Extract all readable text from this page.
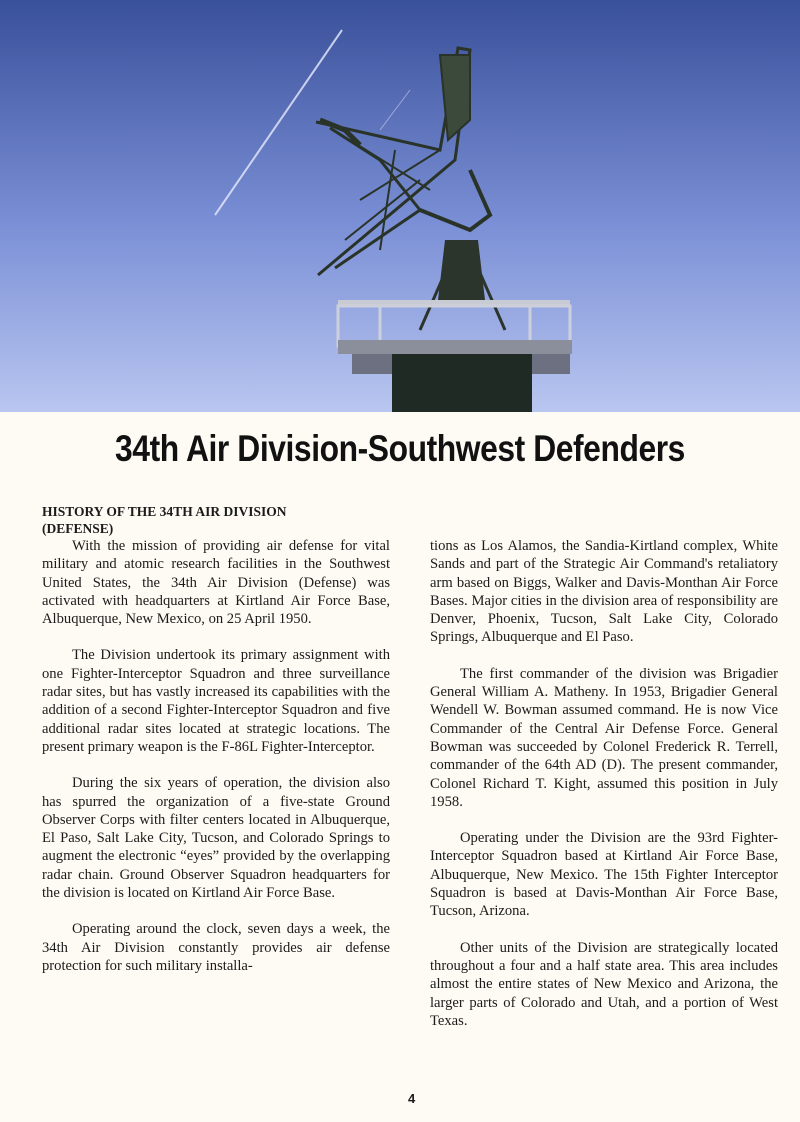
34th Air Division-Southwest Defenders
HISTORY OF THE 34TH AIR DIVISION
(DEFENSE)

With the mission of providing air defense for vital military and atomic research facilities in the Southwest United States, the 34th Air Division (Defense) was activated with headquarters at Kirtland Air Force Base, Albuquerque, New Mexico, on 25 April 1950.

The Division undertook its primary assignment with one Fighter-Interceptor Squadron and three surveillance radar sites, but has vastly increased its capabilities with the addition of a second Fighter-Interceptor Squadron and five additional radar sites located at strategic locations. The present primary weapon is the F-86L Fighter-Interceptor.

During the six years of operation, the division also has spurred the organization of a five-state Ground Observer Corps with filter centers located in Albuquerque, El Paso, Salt Lake City, Tucson, and Colorado Springs to augment the electronic “eyes” provided by the overlapping radar chain. Ground Observer Squadron headquarters for the division is located on Kirtland Air Force Base.

Operating around the clock, seven days a week, the 34th Air Division constantly provides air defense protection for such military installa-

tions as Los Alamos, the Sandia-Kirtland complex, White Sands and part of the Strategic Air Command's retaliatory arm based on Biggs, Walker and Davis-Monthan Air Force Bases. Major cities in the division area of responsibility are Denver, Phoenix, Tucson, Salt Lake City, Colorado Springs, Albuquerque and El Paso.

The first commander of the division was Brigadier General William A. Matheny. In 1953, Brigadier General Wendell W. Bowman assumed command. He is now Vice Commander of the Central Air Defense Force. General Bowman was succeeded by Colonel Frederick R. Terrell, commander of the 64th AD (D). The present commander, Colonel Richard T. Kight, assumed this position in July 1958.

Operating under the Division are the 93rd Fighter-Interceptor Squadron based at Kirtland Air Force Base, Albuquerque, New Mexico. The 15th Fighter Interceptor Squadron is based at Davis-Monthan Air Force Base, Tucson, Arizona.

Other units of the Division are strategically located throughout a four and a half state area. This area includes almost the entire states of New Mexico and Arizona, the larger parts of Colorado and Utah, and a portion of West Texas.

4
